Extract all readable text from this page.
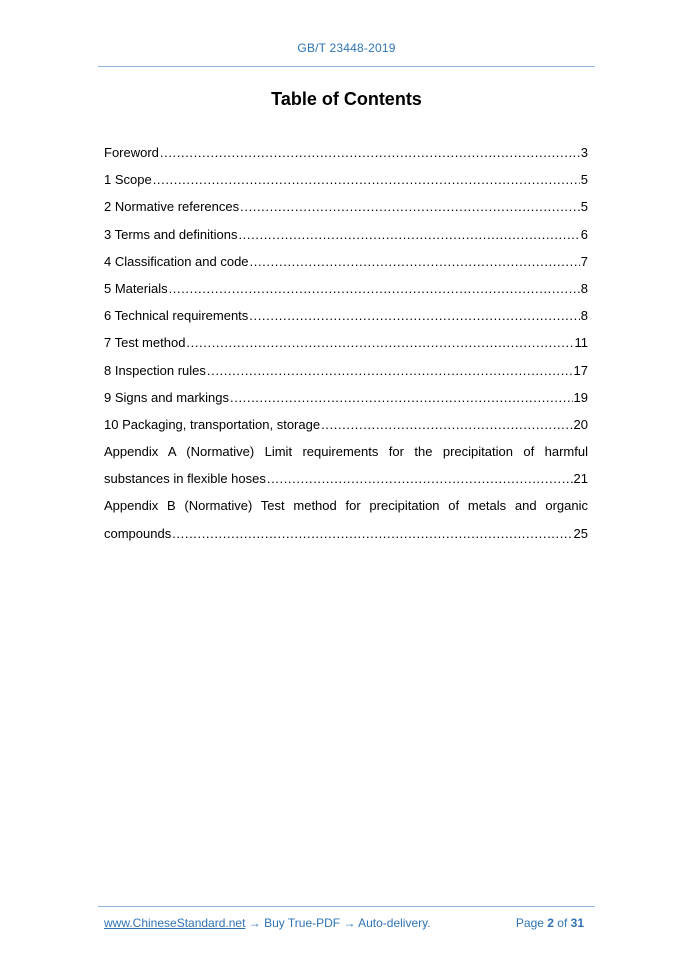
GB/T 23448-2019
Table of Contents
Foreword .....	3
1 Scope .....	5
2 Normative references .....	5
3 Terms and definitions .....	6
4 Classification and code .....	7
5 Materials .....	8
6 Technical requirements .....	8
7 Test method .....	11
8 Inspection rules .....	17
9 Signs and markings .....	19
10 Packaging, transportation, storage .....	20
Appendix A (Normative) Limit requirements for the precipitation of harmful
substances in flexible hoses .....	21
Appendix B (Normative) Test method for precipitation of metals and organic
compounds .....	25
www.ChineseStandard.net → Buy True-PDF → Auto-delivery.	Page 2 of 31
